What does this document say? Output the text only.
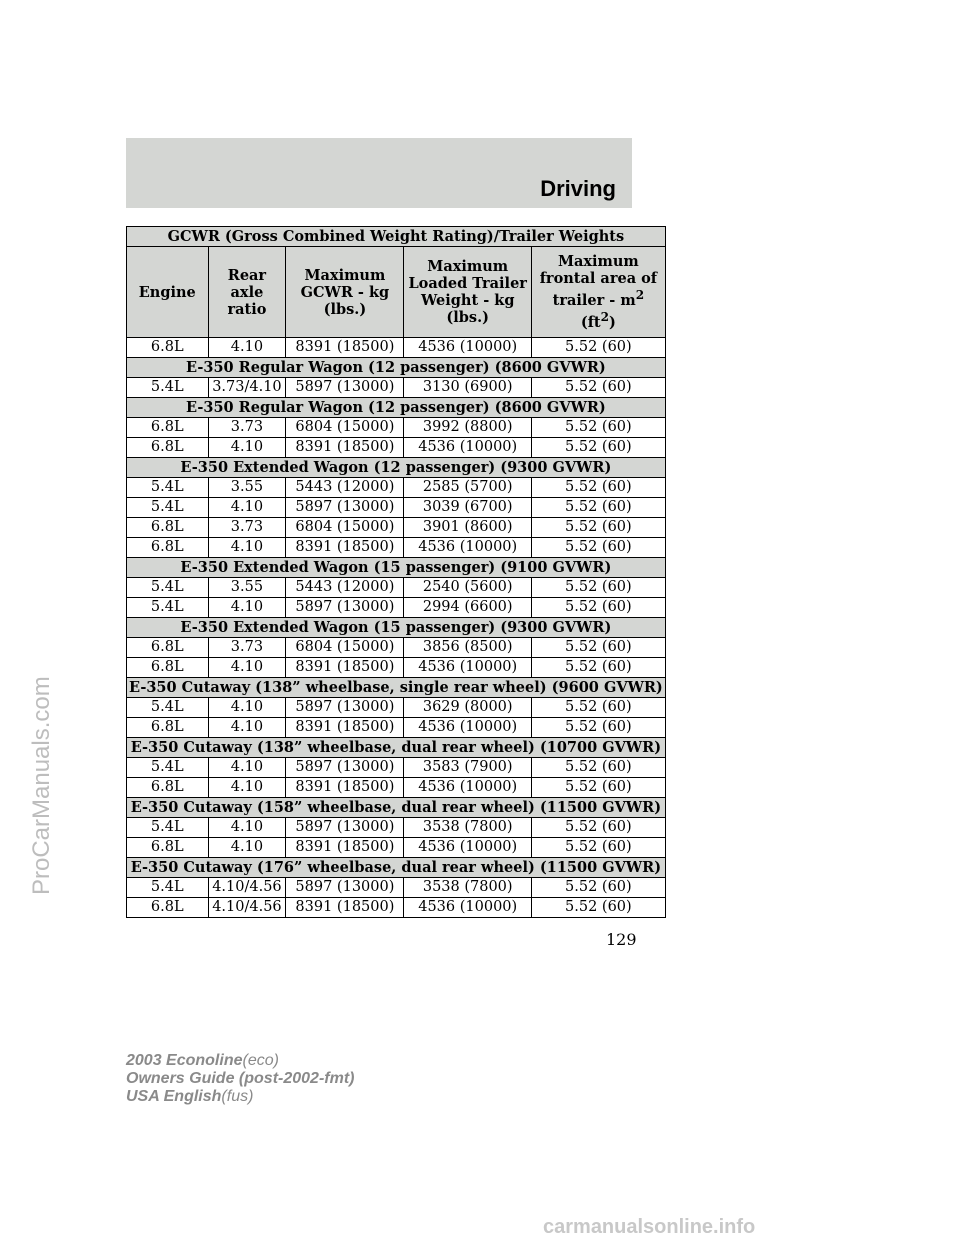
Driving
GCWR (Gross Combined Weight Rating)/Trailer Weights				
Engine	Rear axle ratio	Maximum GCWR - kg (lbs.)	Maximum Loaded Trailer Weight - kg (lbs.)	Maximum frontal area of trailer - $m^2$ $(ft^2)$
6.8L	4.10	8391 (18500)	4536 (10000)	5.52 (60)
E-350 Regular Wagon (12 passenger) (8600 GVWR)				
5.4L	3.73/4.10	5897 (13000)	3130 (6900)	5.52 (60)
E-350 Regular Wagon (12 passenger) (8600 GVWR)				
6.8L	3.73	6804 (15000)	3992 (8800)	5.52 (60)
6.8L	4.10	8391 (18500)	4536 (10000)	5.52 (60)
E-350 Extended Wagon (12 passenger) (9300 GVWR)				
5.4L	3.55	5443 (12000)	2585 (5700)	5.52 (60)
5.4L	4.10	5897 (13000)	3039 (6700)	5.52 (60)
6.8L	3.73	6804 (15000)	3901 (8600)	5.52 (60)
6.8L	4.10	8391 (18500)	4536 (10000)	5.52 (60)
E-350 Extended Wagon (15 passenger) (9100 GVWR)				
5.4L	3.55	5443 (12000)	2540 (5600)	5.52 (60)
5.4L	4.10	5897 (13000)	2994 (6600)	5.52 (60)
E-350 Extended Wagon (15 passenger) (9300 GVWR)				
6.8L	3.73	6804 (15000)	3856 (8500)	5.52 (60)
6.8L	4.10	8391 (18500)	4536 (10000)	5.52 (60)
E-350 Cutaway (138” wheelbase, single rear wheel) (9600 GVWR)				
5.4L	4.10	5897 (13000)	3629 (8000)	5.52 (60)
6.8L	4.10	8391 (18500)	4536 (10000)	5.52 (60)
E-350 Cutaway (138” wheelbase, dual rear wheel) (10700 GVWR)				
5.4L	4.10	5897 (13000)	3583 (7900)	5.52 (60)
6.8L	4.10	8391 (18500)	4536 (10000)	5.52 (60)
E-350 Cutaway (158” wheelbase, dual rear wheel) (11500 GVWR)				
5.4L	4.10	5897 (13000)	3538 (7800)	5.52 (60)
6.8L	4.10	8391 (18500)	4536 (10000)	5.52 (60)
E-350 Cutaway (176” wheelbase, dual rear wheel) (11500 GVWR)				
5.4L	4.10/4.56	5897 (13000)	3538 (7800)	5.52 (60)
6.8L	4.10/4.56	8391 (18500)	4536 (10000)	5.52 (60)
129
2003 Econoline(eco)
Owners Guide (post-2002-fmt)
USA English(fus)
ProCarManuals.com
carmanualsonline.info
